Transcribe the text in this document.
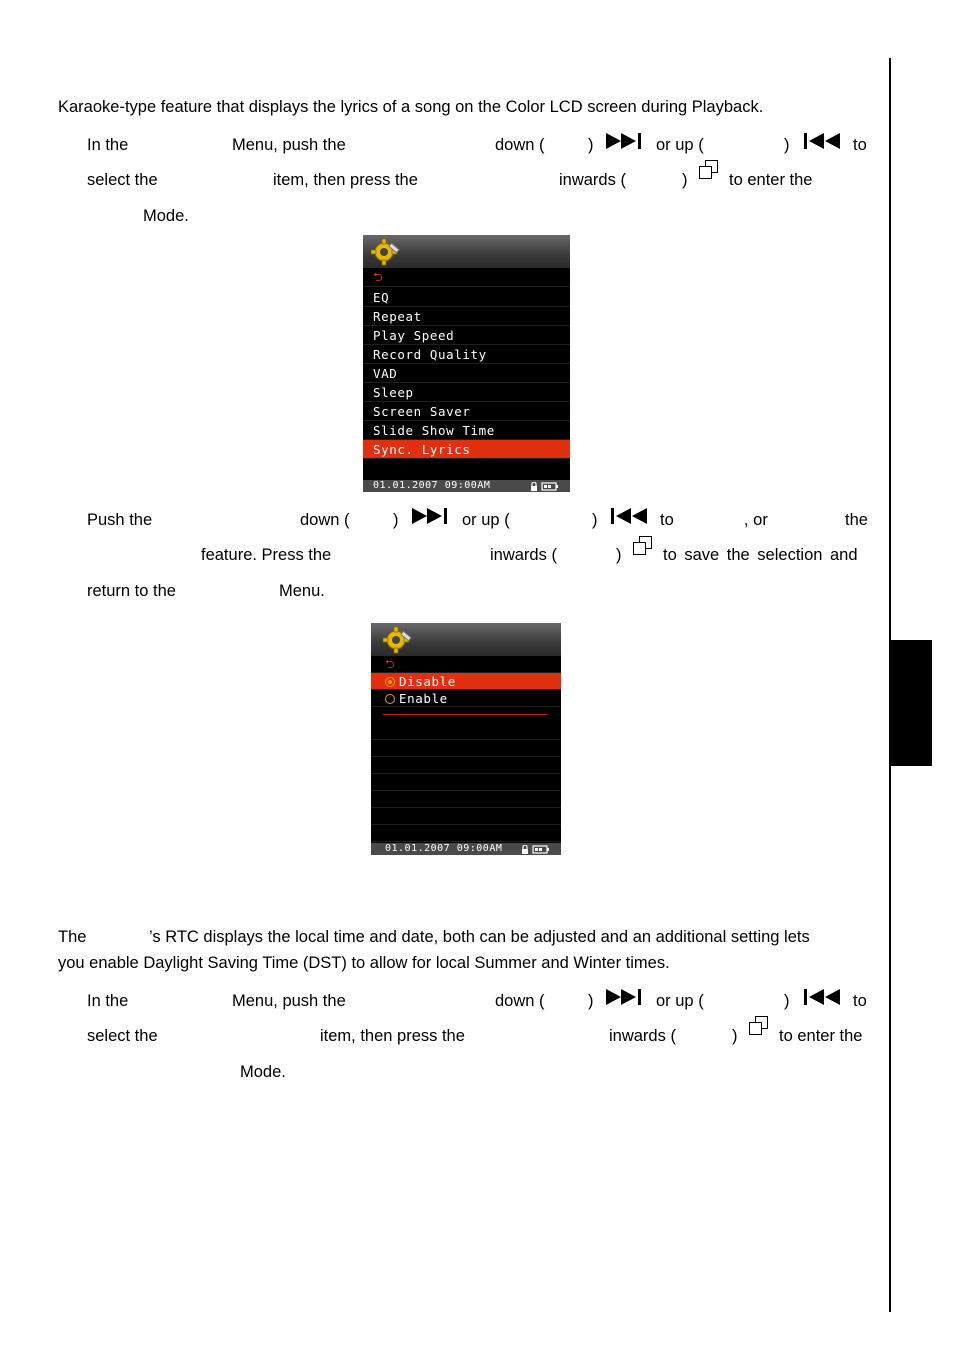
Karaoke-type feature that displays the lyrics of a song on the Color LCD screen during Playback.
In the	Menu, push the	down (	)	or up (	)	to
select the	item, then press the	inwards (	)	to enter the
Mode.
⮌
EQ
Repeat
Play Speed
Record Quality
VAD
Sleep
Screen Saver
Slide Show Time
Sync. Lyrics
01.01.2007 09:00AM
Push the	down (	)	or up (	)	to	, or	the
feature. Press the	inwards (	)	to save the selection and
return to the	Menu.
⮌
Disable
Enable
01.01.2007 09:00AM
The	’s RTC displays the local time and date, both can be adjusted and an additional setting lets
you enable Daylight Saving Time (DST) to allow for local Summer and Winter times.
In the	Menu, push the	down (	)	or up (	)	to
select the	item, then press the	inwards (	)	to enter the
Mode.
